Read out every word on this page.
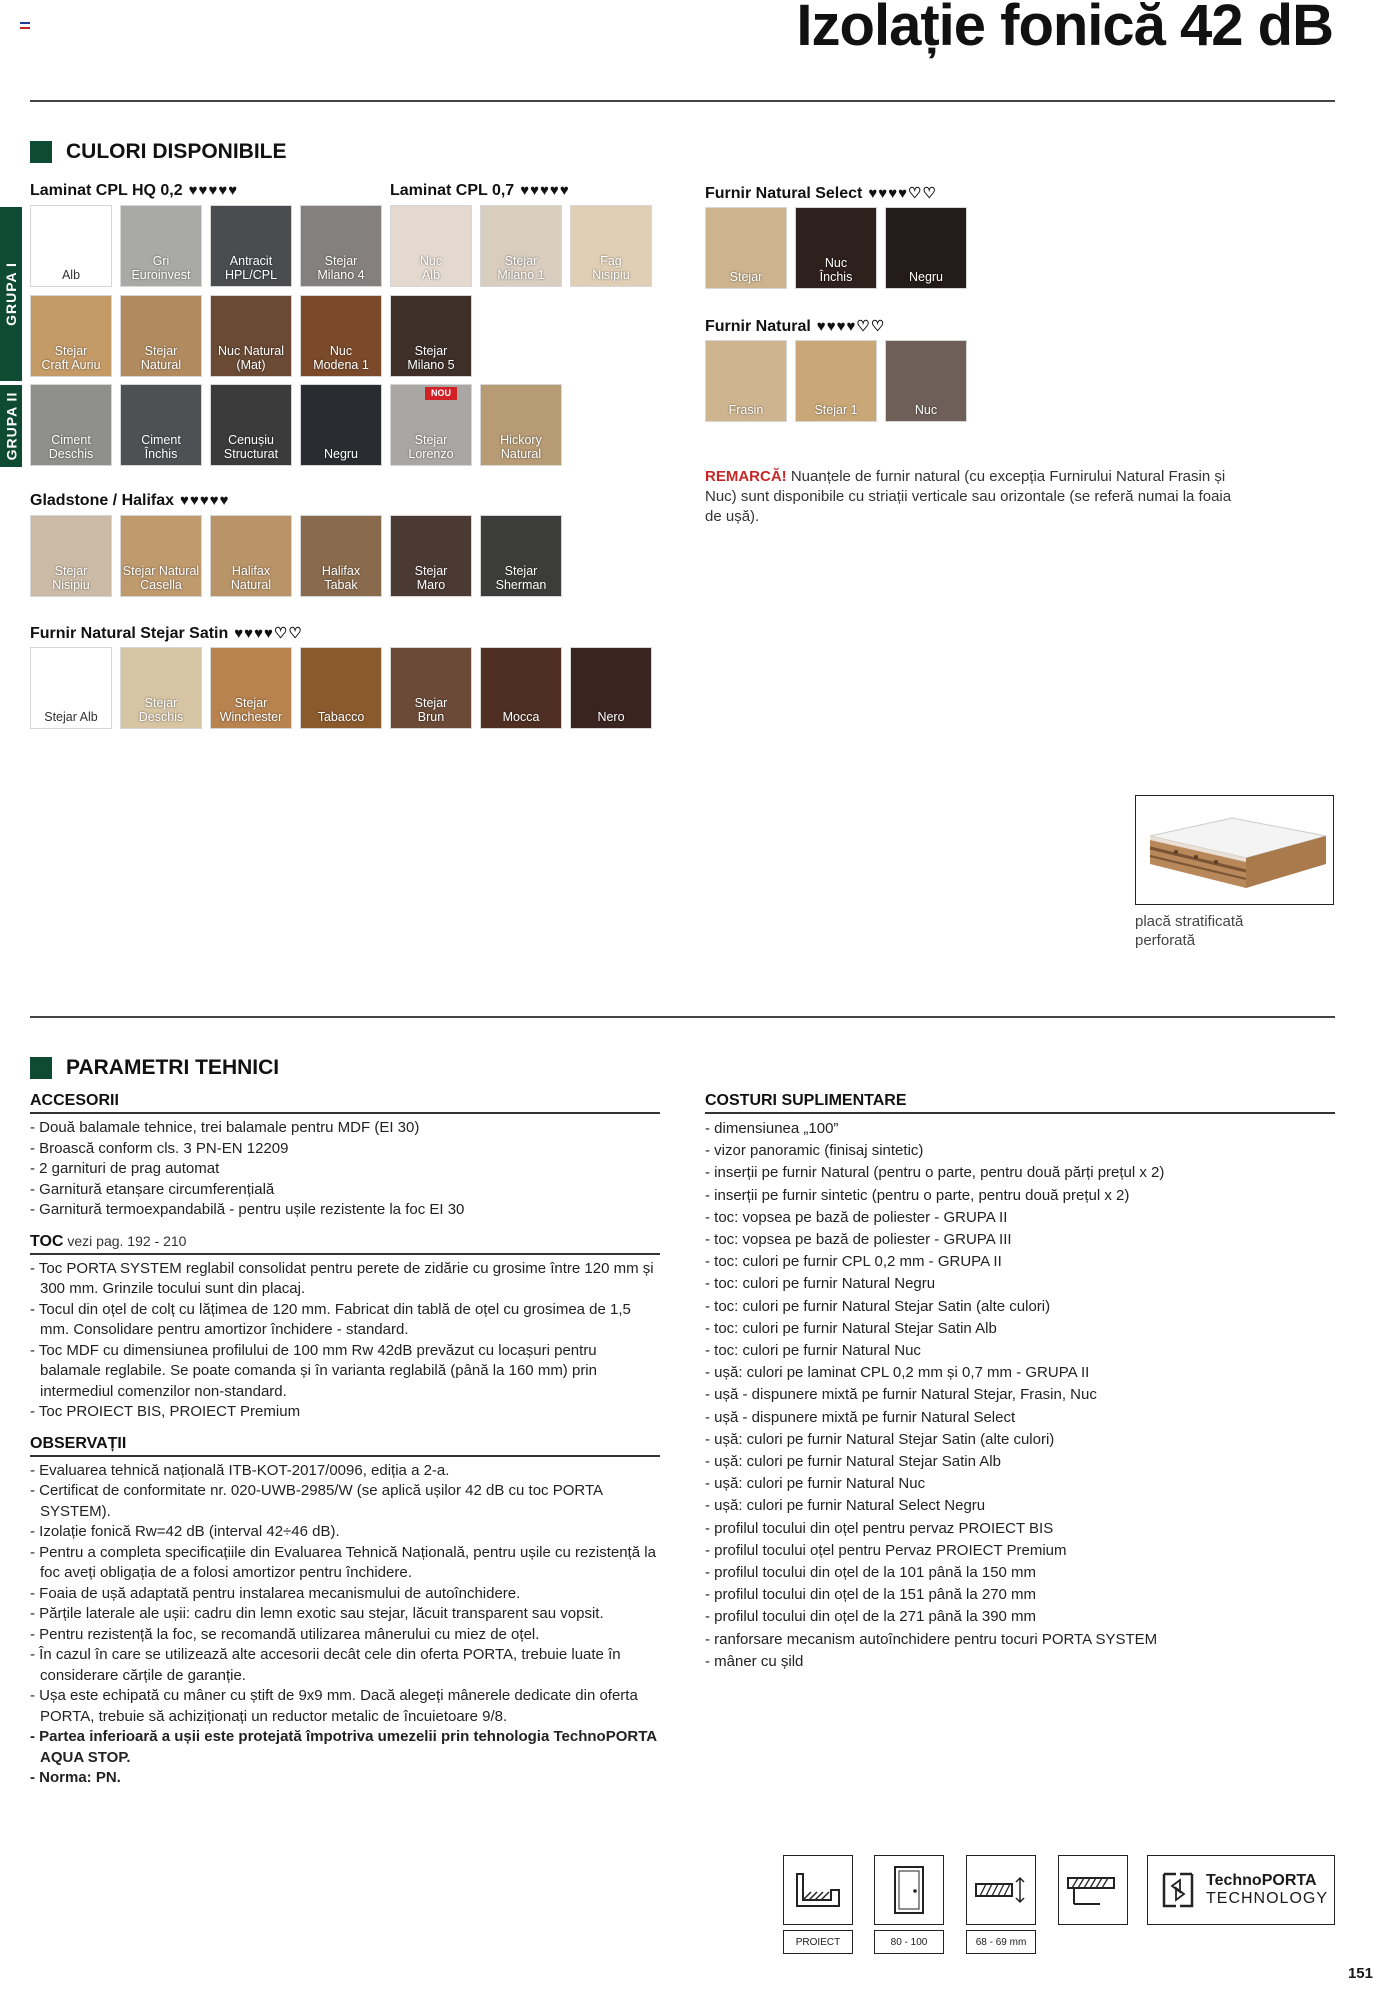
Izolație fonică 42 dB
CULORI DISPONIBILE
Laminat CPL HQ 0,2 ♥♥♥♥♥	Laminat CPL 0,7 ♥♥♥♥♥	Furnir Natural Select ♥♥♥♥♡♡
Furnir Natural ♥♥♥♥♡♡
Gladstone / Halifax ♥♥♥♥♥
Furnir Natural Stejar Satin ♥♥♥♥♡♡
GRUPA I
GRUPA II
Alb
Gri
Euroinvest
Antracit
HPL/CPL
Stejar
Milano 4
Nuc
Alb
Stejar
Milano 1
Fag
Nisipiu
Stejar
Craft Auriu
Stejar
Natural
Nuc Natural
(Mat)
Nuc
Modena 1
Stejar
Milano 5
Ciment
Deschis
Ciment
Închis
Cenușiu
Structurat	Negru
Stejar
Lorenzo
NOU
Hickory
Natural
Stejar
Nisipiu
Stejar Natural
Casella
Halifax
Natural
Halifax
Tabak
Stejar
Maro
Stejar
Sherman
Stejar Alb
Stejar Deschis
Stejar
Winchester	Tabacco
Stejar
Brun	Mocca	Nero
Stejar
Nuc
Închis	Negru
Frasin	Stejar 1	Nuc
REMARCĂ! Nuanțele de furnir natural (cu excepția Furnirului Natural Frasin și Nuc) sunt disponibile cu striații verticale sau orizontale (se referă numai la foaia de ușă).
placă stratificată
perforată
PARAMETRI TEHNICI
ACCESORII
- Două balamale tehnice, trei balamale pentru MDF (EI 30)
- Broască conform cls. 3 PN-EN 12209
- 2 garnituri de prag automat
- Garnitură etanșare circumferențială
- Garnitură termoexpandabilă - pentru ușile rezistente la foc EI 30
TOC vezi pag. 192 - 210
- Toc PORTA SYSTEM reglabil consolidat pentru perete de zidărie cu grosime între 120 mm și 300 mm. Grinzile tocului sunt din placaj.
- Tocul din oțel de colț cu lățimea de 120 mm. Fabricat din tablă de oțel cu grosimea de 1,5 mm. Consolidare pentru amortizor închidere - standard.
- Toc MDF cu dimensiunea profilului de 100 mm Rw 42dB prevăzut cu locașuri pentru balamale reglabile. Se poate comanda și în varianta reglabilă (până la 160 mm) prin intermediul comenzilor non-standard.
- Toc PROIECT BIS, PROIECT Premium
OBSERVAȚII
- Evaluarea tehnică națională ITB-KOT-2017/0096, ediția a 2-a.
- Certificat de conformitate nr. 020-UWB-2985/W (se aplică ușilor 42 dB cu toc PORTA SYSTEM).
- Izolație fonică Rw=42 dB (interval 42÷46 dB).
- Pentru a completa specificațiile din Evaluarea Tehnică Națională, pentru ușile cu rezistență la foc aveți obligația de a folosi amortizor pentru închidere.
- Foaia de ușă adaptată pentru instalarea mecanismului de autoînchidere.
- Părțile laterale ale ușii: cadru din lemn exotic sau stejar, lăcuit transparent sau vopsit.
- Pentru rezistență la foc, se recomandă utilizarea mânerului cu miez de oțel.
- În cazul în care se utilizează alte accesorii decât cele din oferta PORTA, trebuie luate în considerare cărțile de garanție.
- Ușa este echipată cu mâner cu știft de 9x9 mm. Dacă alegeți mânerele dedicate din oferta PORTA, trebuie să achiziționați un reductor metalic de încuietoare 9/8.
- Partea inferioară a ușii este protejată împotriva umezelii prin tehnologia TechnoPORTA AQUA STOP.
- Norma: PN.
COSTURI SUPLIMENTARE
- dimensiunea „100”
- vizor panoramic (finisaj sintetic)
- inserții pe furnir Natural (pentru o parte, pentru două părți prețul x 2)
- inserții pe furnir sintetic (pentru o parte, pentru două prețul x 2)
- toc: vopsea pe bază de poliester - GRUPA II
- toc: vopsea pe bază de poliester - GRUPA III
- toc: culori pe furnir CPL 0,2 mm - GRUPA II
- toc: culori pe furnir Natural Negru
- toc: culori pe furnir Natural Stejar Satin (alte culori)
- toc: culori pe furnir Natural Stejar Satin Alb
- toc: culori pe furnir Natural Nuc
- ușă: culori pe laminat CPL 0,2 mm și 0,7 mm - GRUPA II
- ușă - dispunere mixtă pe furnir Natural Stejar, Frasin, Nuc
- ușă - dispunere mixtă pe furnir Natural Select
- ușă: culori pe furnir Natural Stejar Satin (alte culori)
- ușă: culori pe furnir Natural Stejar Satin Alb
- ușă: culori pe furnir Natural Nuc
- ușă: culori pe furnir Natural Select Negru
- profilul tocului din oțel pentru pervaz PROIECT BIS
- profilul tocului oțel pentru Pervaz PROIECT Premium
- profilul tocului din oțel de la 101 până la 150 mm
- profilul tocului din oțel de la 151 până la 270 mm
- profilul tocului din oțel de la 271 până la 390 mm
- ranforsare mecanism autoînchidere pentru tocuri PORTA SYSTEM
- mâner cu șild
PROIECT	80 - 100	68 - 69 mm
TechnoPORTA
TECHNOLOGY
151
